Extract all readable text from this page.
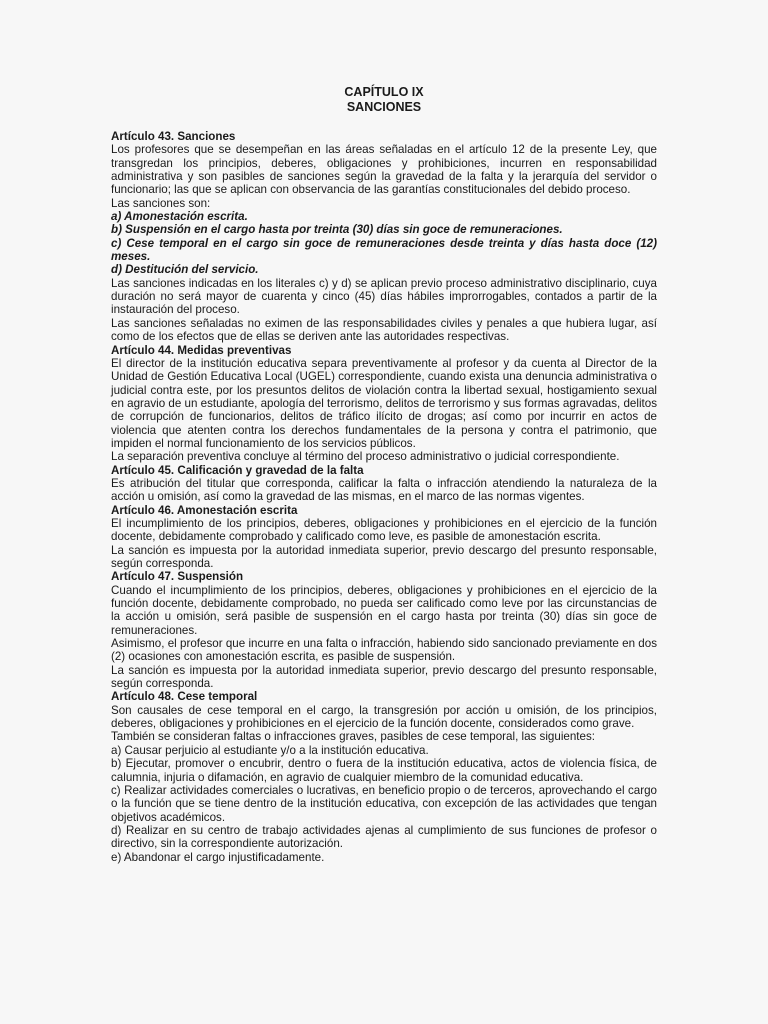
CAPÍTULO IX
SANCIONES

Artículo 43. Sanciones

Los profesores que se desempeñan en las áreas señaladas en el artículo 12 de la presente Ley, que transgredan los principios, deberes, obligaciones y prohibiciones, incurren en responsabilidad administrativa y son pasibles de sanciones según la gravedad de la falta y la jerarquía del servidor o funcionario; las que se aplican con observancia de las garantías constitucionales del debido proceso.

Las sanciones son:

a) Amonestación escrita.

b) Suspensión en el cargo hasta por treinta (30) días sin goce de remuneraciones.

c) Cese temporal en el cargo sin goce de remuneraciones desde treinta y días hasta doce (12) meses.

d) Destitución del servicio.

Las sanciones indicadas en los literales c) y d) se aplican previo proceso administrativo disciplinario, cuya duración no será mayor de cuarenta y cinco (45) días hábiles improrrogables, contados a partir de la instauración del proceso.

Las sanciones señaladas no eximen de las responsabilidades civiles y penales a que hubiera lugar, así como de los efectos que de ellas se deriven ante las autoridades respectivas.

Artículo 44. Medidas preventivas

El director de la institución educativa separa preventivamente al profesor y da cuenta al Director de la Unidad de Gestión Educativa Local (UGEL) correspondiente, cuando exista una denuncia administrativa o judicial contra este, por los presuntos delitos de violación contra la libertad sexual, hostigamiento sexual en agravio de un estudiante, apología del terrorismo, delitos de terrorismo y sus formas agravadas, delitos de corrupción de funcionarios, delitos de tráfico ilícito de drogas; así como por incurrir en actos de violencia que atenten contra los derechos fundamentales de la persona y contra el patrimonio, que impiden el normal funcionamiento de los servicios públicos.

La separación preventiva concluye al término del proceso administrativo o judicial correspondiente.

Artículo 45. Calificación y gravedad de la falta

Es atribución del titular que corresponda, calificar la falta o infracción atendiendo la naturaleza de la acción u omisión, así como la gravedad de las mismas, en el marco de las normas vigentes.

Artículo 46. Amonestación escrita

El incumplimiento de los principios, deberes, obligaciones y prohibiciones en el ejercicio de la función docente, debidamente comprobado y calificado como leve, es pasible de amonestación escrita.

La sanción es impuesta por la autoridad inmediata superior, previo descargo del presunto responsable, según corresponda.

Artículo 47. Suspensión

Cuando el incumplimiento de los principios, deberes, obligaciones y prohibiciones en el ejercicio de la función docente, debidamente comprobado, no pueda ser calificado como leve por las circunstancias de la acción u omisión, será pasible de suspensión en el cargo hasta por treinta (30) días sin goce de remuneraciones.

Asimismo, el profesor que incurre en una falta o infracción, habiendo sido sancionado previamente en dos (2) ocasiones con amonestación escrita, es pasible de suspensión.

La sanción es impuesta por la autoridad inmediata superior, previo descargo del presunto responsable, según corresponda.

Artículo 48. Cese temporal

Son causales de cese temporal en el cargo, la transgresión por acción u omisión, de los principios, deberes, obligaciones y prohibiciones en el ejercicio de la función docente, considerados como grave.

También se consideran faltas o infracciones graves, pasibles de cese temporal, las siguientes:

a) Causar perjuicio al estudiante y/o a la institución educativa.

b) Ejecutar, promover o encubrir, dentro o fuera de la institución educativa, actos de violencia física, de calumnia, injuria o difamación, en agravio de cualquier miembro de la comunidad educativa.

c) Realizar actividades comerciales o lucrativas, en beneficio propio o de terceros, aprovechando el cargo o la función que se tiene dentro de la institución educativa, con excepción de las actividades que tengan objetivos académicos.

d) Realizar en su centro de trabajo actividades ajenas al cumplimiento de sus funciones de profesor o directivo, sin la correspondiente autorización.

e) Abandonar el cargo injustificadamente.
